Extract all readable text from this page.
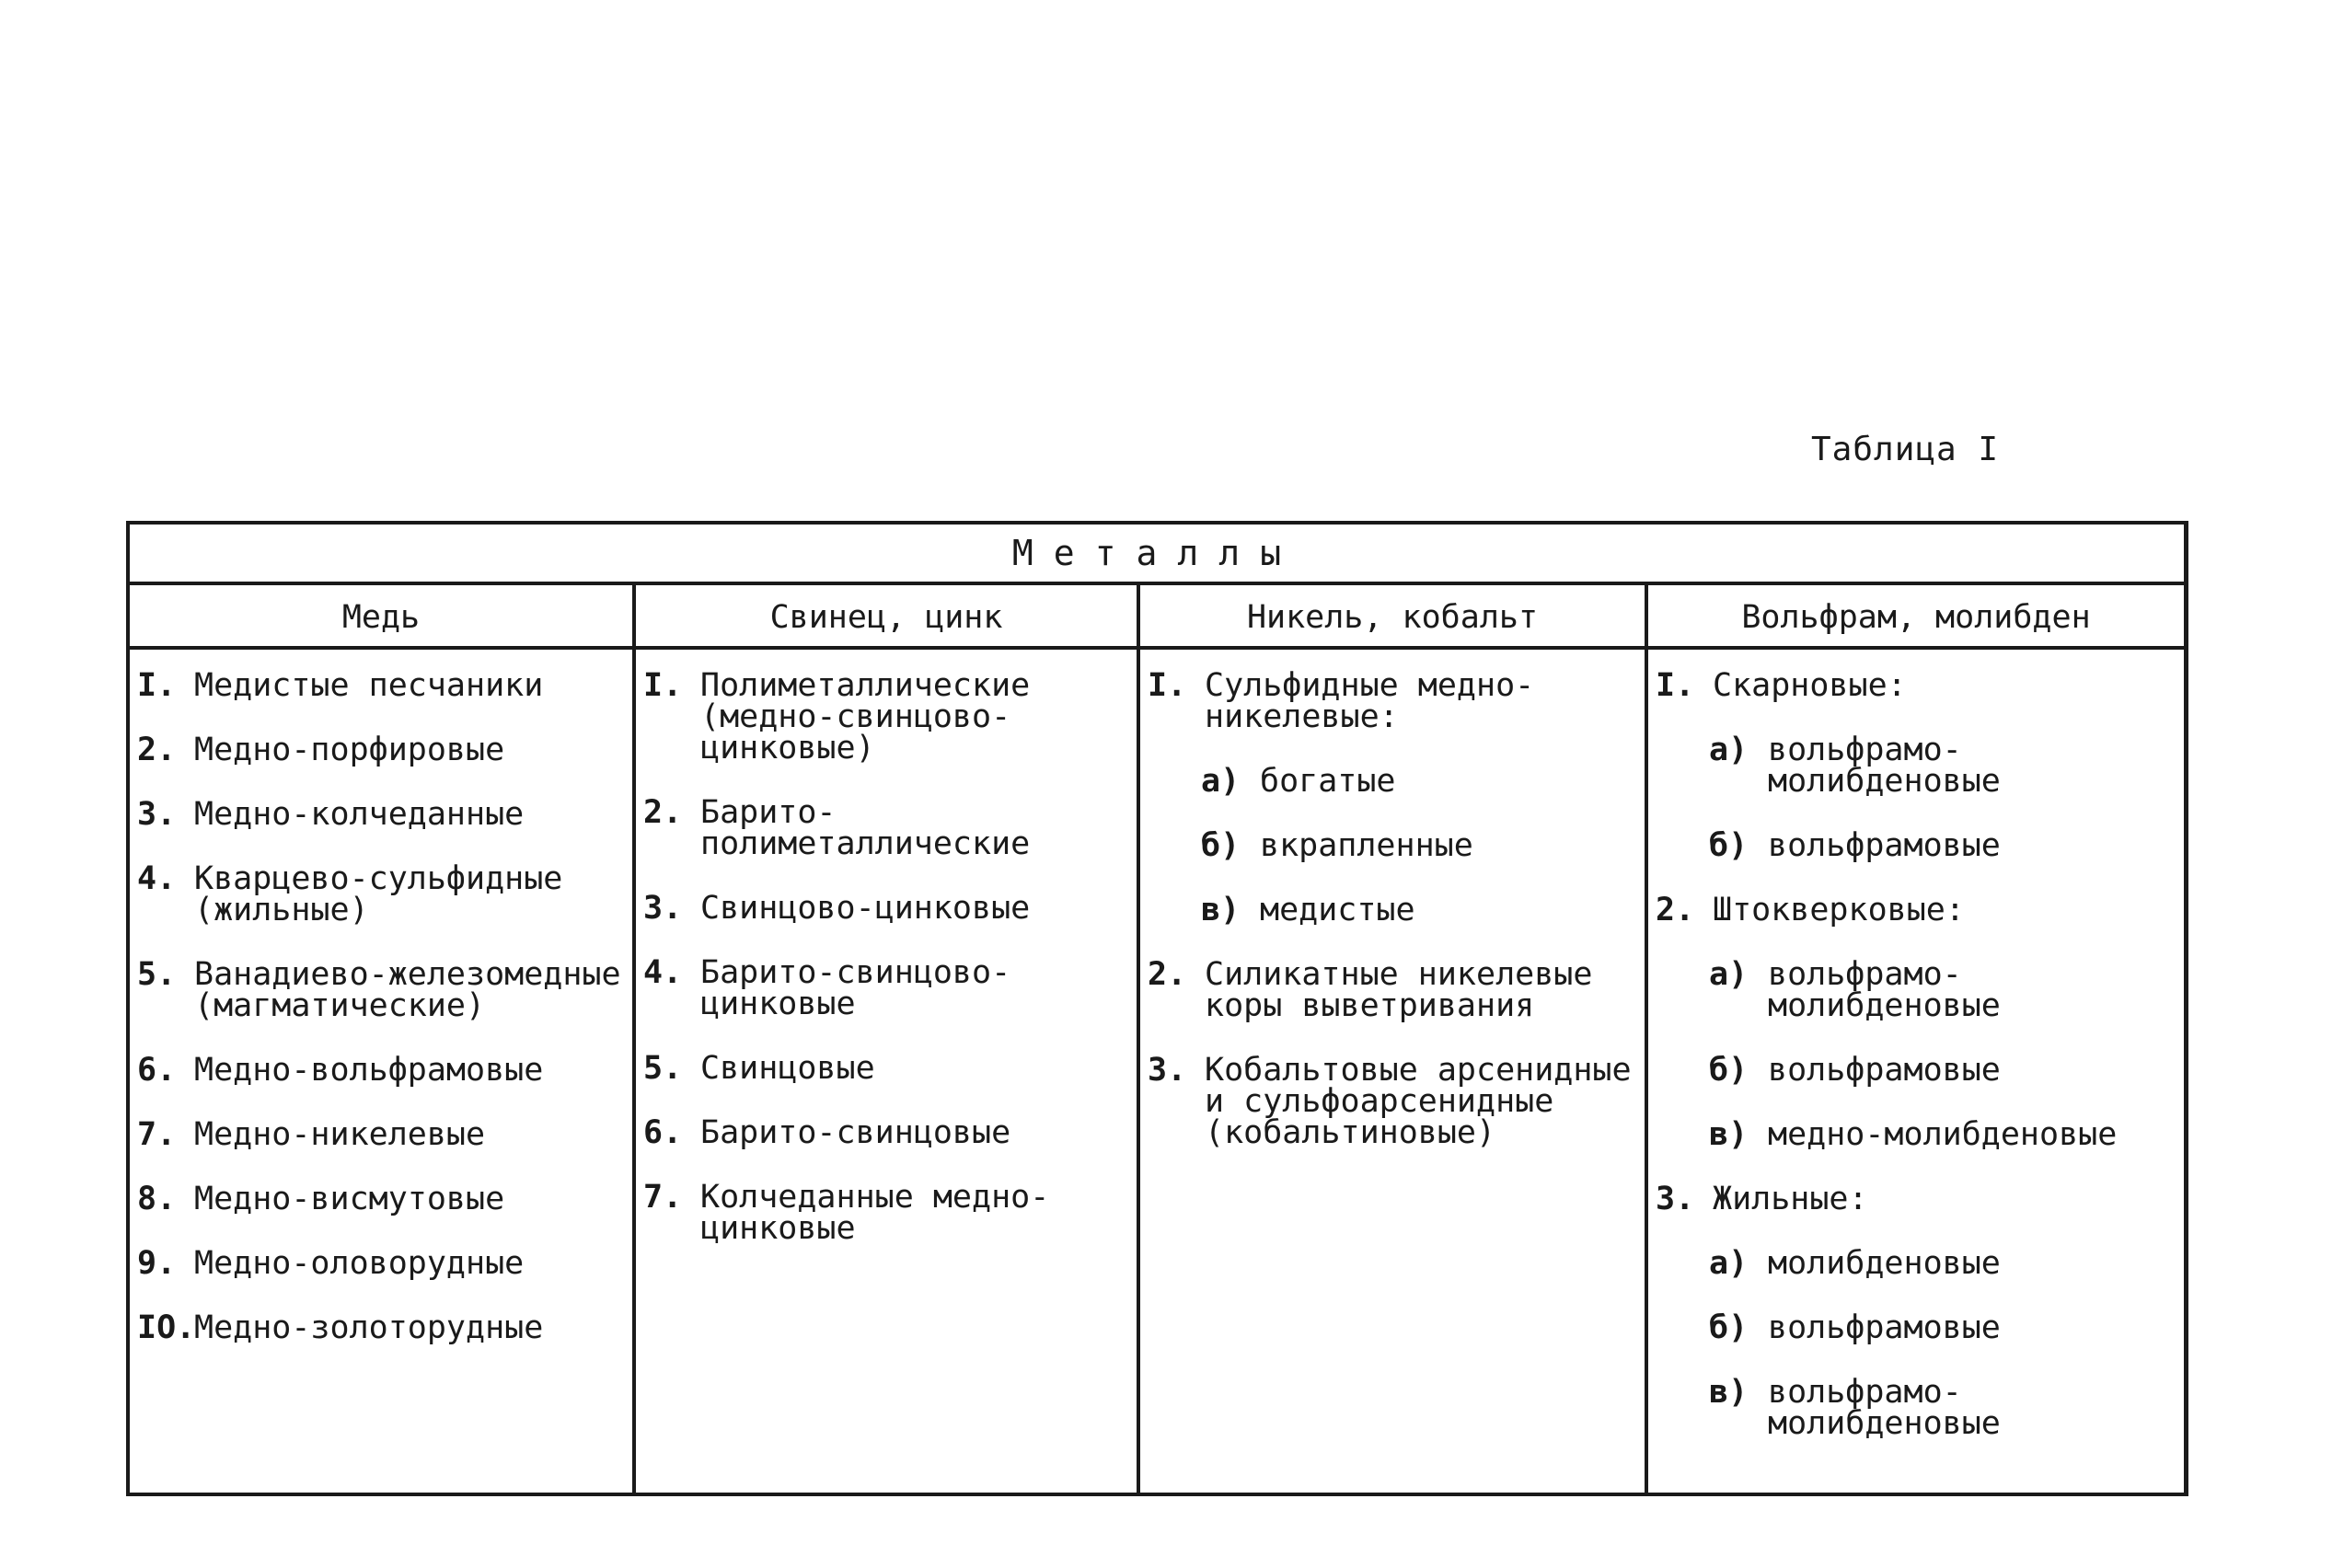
Таблица I
Металлы
Медь
I. Медистые песчаники
2. Медно-порфировые
3. Медно-колчеданные
4. Кварцево-сульфидные (жильные)
5. Ванадиево-железомедные (магматические)
6. Медно-вольфрамовые
7. Медно-никелевые
8. Медно-висмутовые
9. Медно-оловорудные
IO.
Медно-золоторудные
Свинец, цинк
I. Полиметаллические (медно-свинцово-цинковые)
2. Барито-полиметаллические
3. Свинцово-цинковые
4. Барито-свинцово-цинковые
5. Свинцовые
6. Барито-свинцовые
7. Колчеданные медно-цинковые
Никель, кобальт
I. Сульфидные медно-никелевые:
а) богатые
б) вкрапленные
в) медистые
2. Силикатные никелевые коры выветривания
3. Кобальтовые арсенидные и сульфоарсенидные (кобальтиновые)
Вольфрам, молибден
I. Скарновые:
а) вольфрамо-молибденовые
б) вольфрамовые
2. Штокверковые:
а) вольфрамо-молибденовые
б) вольфрамовые
в) медно-молибденовые
3. Жильные:
а) молибденовые
б) вольфрамовые
в) вольфрамо-молибденовые
